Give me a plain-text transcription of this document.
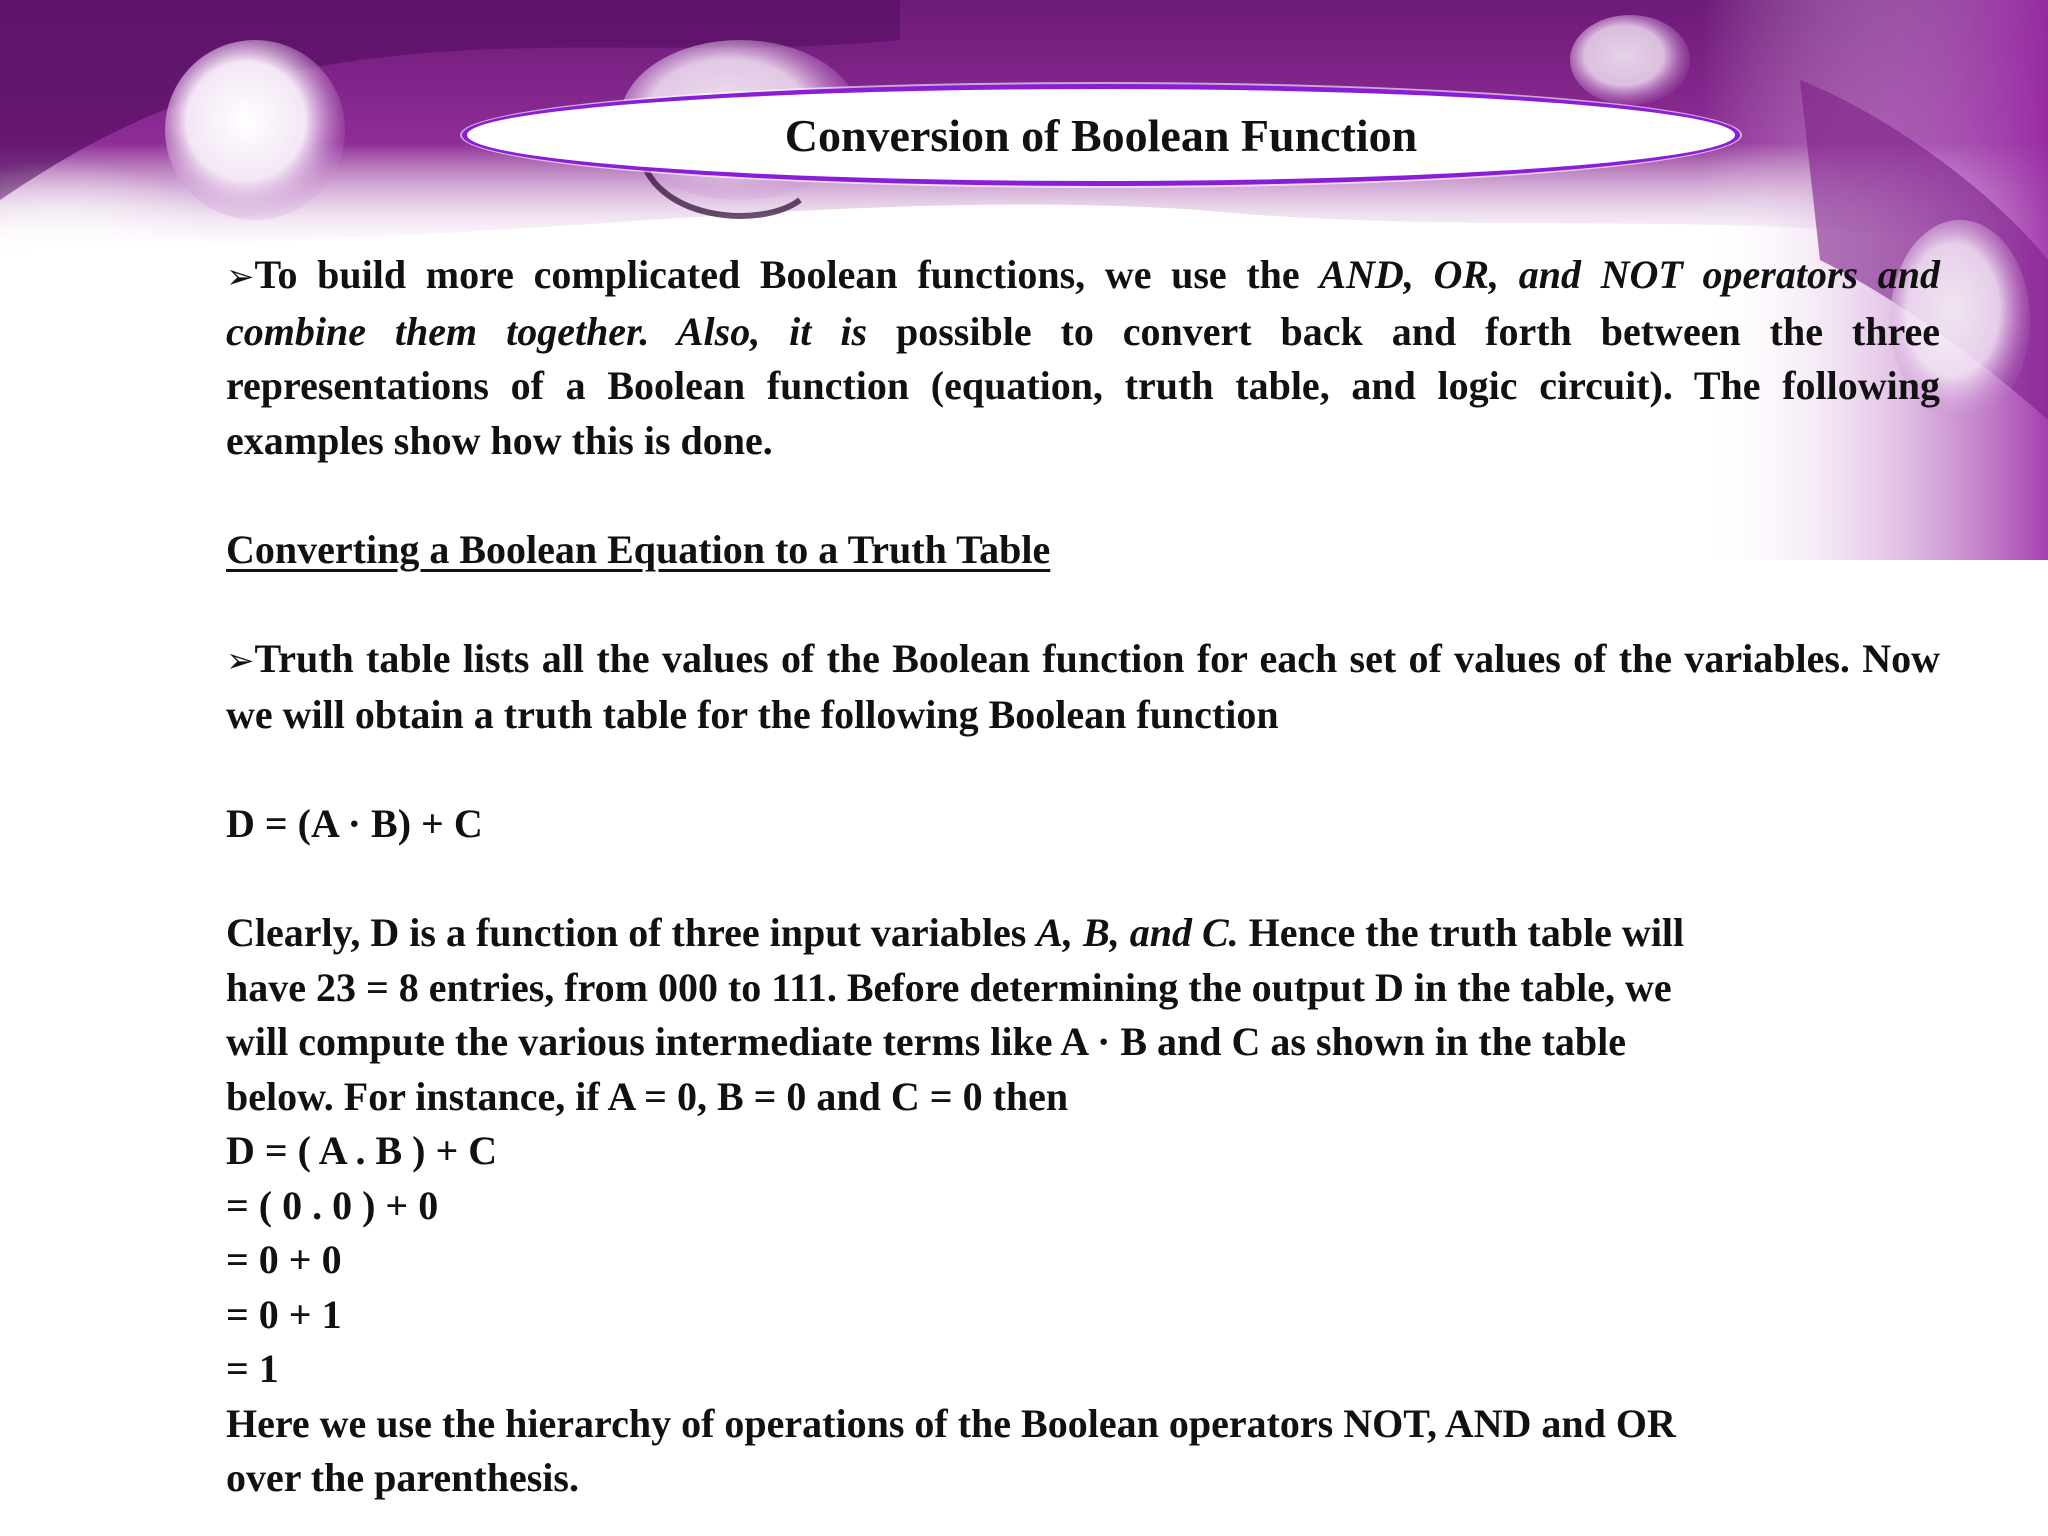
Conversion of Boolean Function

➢To build more complicated Boolean functions, we use the AND, OR, and NOT operators and combine them together. Also, it is possible to convert back and forth between the three representations of a Boolean function (equation, truth table, and logic circuit). The following examples show how this is done.

Converting a Boolean Equation to a Truth Table

➢Truth table lists all the values of the Boolean function for each set of values of the variables. Now we will obtain a truth table for the following Boolean function

D = (A · B) + C

Clearly, D is a function of three input variables A, B, and C. Hence the truth table will

have 23 = 8 entries, from 000 to 111. Before determining the output D in the table, we

will compute the various intermediate terms like A · B and C as shown in the table

below. For instance, if A = 0, B = 0 and C = 0 then

D = ( A . B ) + C

= ( 0 . 0 ) + 0

= 0 + 0

= 0 + 1

= 1

Here we use the hierarchy of operations of the Boolean operators NOT, AND and OR

over the parenthesis.
